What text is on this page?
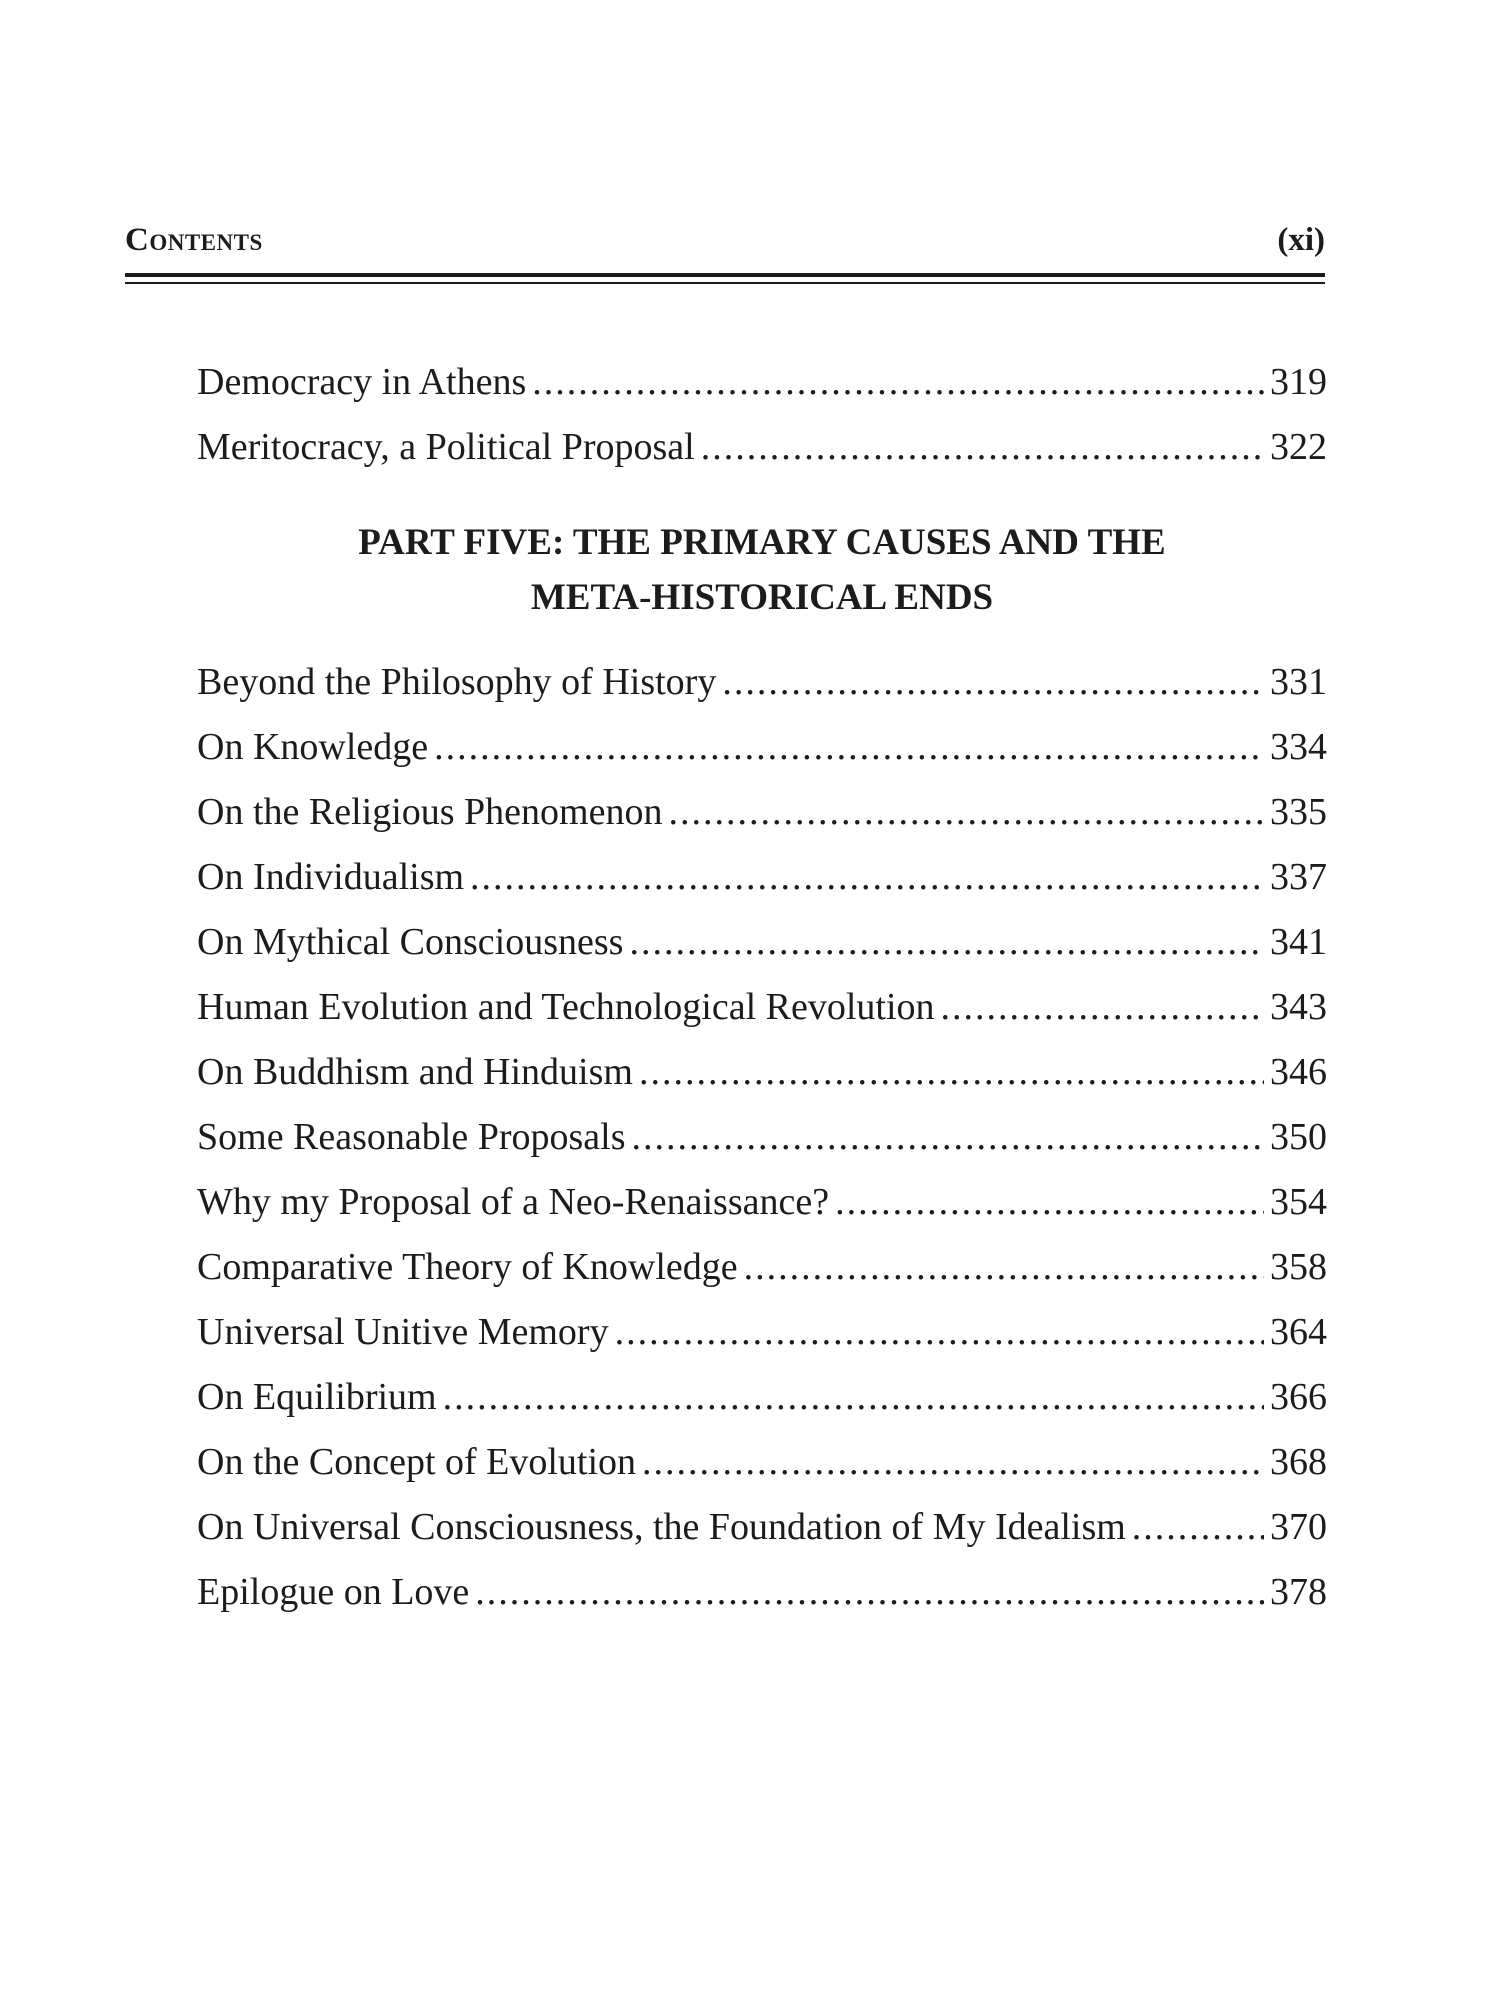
Contents	(xi)
Democracy in Athens .....	319
Meritocracy, a Political Proposal .....	322
PART FIVE: THE PRIMARY CAUSES AND THE
META-HISTORICAL ENDS
Beyond the Philosophy of History .....	331
On Knowledge .....	334
On the Religious Phenomenon .....	335
On Individualism .....	337
On Mythical Consciousness .....	341
Human Evolution and Technological Revolution .....	343
On Buddhism and Hinduism .....	346
Some Reasonable Proposals .....	350
Why my Proposal of a Neo-Renaissance? .....	354
Comparative Theory of Knowledge .....	358
Universal Unitive Memory .....	364
On Equilibrium .....	366
On the Concept of Evolution .....	368
On Universal Consciousness, the Foundation of My Idealism .....	370
Epilogue on Love .....	378
